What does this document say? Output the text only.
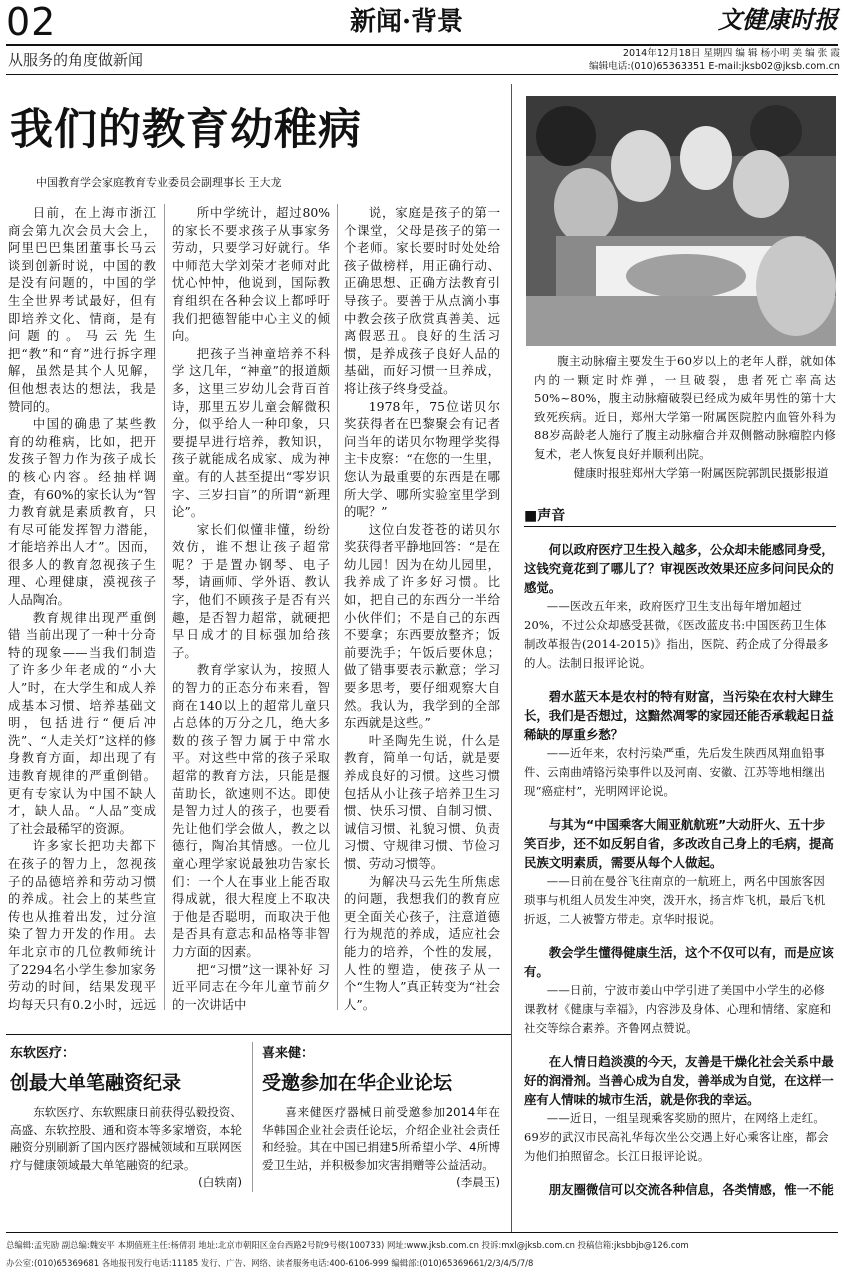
02	新闻·背景	文健康时报
从服务的角度做新闻	2014年12月18日 星期四 编 辑 杨小明 美 编 张 霞
编辑电话:(010)65363351 E-mail:jksb02@jksb.com.cn
我们的教育幼稚病
中国教育学会家庭教育专业委员会副理事长 王大龙

日前，在上海市浙江商会第九次会员大会上，阿里巴巴集团董事长马云谈到创新时说，中国的教是没有问题的，中国的学生全世界考试最好，但有即培养文化、情商，是有问题的。马云先生把“教”和“育”进行拆字理解，虽然是其个人见解，但他想表达的想法，我是赞同的。

中国的确患了某些教育的幼稚病，比如，把开发孩子智力作为孩子成长的核心内容。经抽样调查，有60%的家长认为“智力教育就是素质教育，只有尽可能发挥智力潜能，才能培养出人才”。因而，很多人的教育忽视孩子生理、心理健康，漠视孩子人品陶冶。

教育规律出现严重倒错 当前出现了一种十分奇特的现象——当我们制造了许多少年老成的“小大人”时，在大学生和成人养成基本习惯、培养基础文明，包括进行“便后冲洗”、“人走关灯”这样的修身教育方面，却出现了有违教育规律的严重倒错。更有专家认为中国不缺人才，缺人品。“人品”变成了社会最稀罕的资源。

许多家长把功夫都下在孩子的智力上，忽视孩子的品德培养和劳动习惯的养成。社会上的某些宣传也从推着出发，过分渲染了智力开发的作用。去年北京市的几位教师统计了2294名小学生参加家务劳动的时间，结果发现平均每天只有0.2小时，远远

所中学统计，超过80%的家长不要求孩子从事家务劳动，只要学习好就行。华中师范大学刘荣才老师对此忧心忡忡，他说到，国际教育组织在各种会议上都呼吁我们把德智能中心主义的倾向。

把孩子当神童培养不科学 这几年，“神童”的报道颇多，这里三岁幼儿会背百首诗，那里五岁儿童会解微积分，似乎给人一种印象，只要提早进行培养，教知识，孩子就能成名成家、成为神童。有的人甚至提出“零岁识字、三岁扫盲”的所谓“新理论”。

家长们似懂非懂，纷纷效仿，谁不想让孩子超常呢？于是置办钢琴、电子琴，请画师、学外语、教认字，他们不顾孩子是否有兴趣，是否智力超常，就硬把早日成才的目标强加给孩子。

教育学家认为，按照人的智力的正态分布来看，智商在140以上的超常儿童只占总体的万分之几，绝大多数的孩子智力属于中常水平。对这些中常的孩子采取超常的教育方法，只能是揠苗助长，欲速则不达。即使是智力过人的孩子，也要看先让他们学会做人，教之以德行，陶冶其情感。一位儿童心理学家说最独功告家长们：一个人在事业上能否取得成就，很大程度上不取决于他是否聪明，而取决于他是否具有意志和品格等非智力方面的因素。

把“习惯”这一课补好 习近平同志在今年儿童节前夕的一次讲话中

说，家庭是孩子的第一个课堂，父母是孩子的第一个老师。家长要时时处处给孩子做榜样，用正确行动、正确思想、正确方法教育引导孩子。要善于从点滴小事中教会孩子欣赏真善美、远离假恶丑。良好的生活习惯，是养成孩子良好人品的基础，而好习惯一旦养成，将让孩子终身受益。

1978年，75位诺贝尔奖获得者在巴黎聚会有记者问当年的诺贝尔物理学奖得主卡皮察：“在您的一生里，您认为最重要的东西是在哪所大学、哪所实验室里学到的呢？”

这位白发苍苍的诺贝尔奖获得者平静地回答：“是在幼儿园！因为在幼儿园里，我养成了许多好习惯。比如，把自己的东西分一半给小伙伴们；不是自己的东西不要拿；东西要放整齐；饭前要洗手；午饭后要休息；做了错事要表示歉意；学习要多思考，要仔细观察大自然。我认为，我学到的全部东西就是这些。”

叶圣陶先生说，什么是教育，简单一句话，就是要养成良好的习惯。这些习惯包括从小让孩子培养卫生习惯、快乐习惯、自制习惯、诚信习惯、礼貌习惯、负责习惯、守规律习惯、节俭习惯、劳动习惯等。

为解决马云先生所焦虑的问题，我想我们的教育应更全面关心孩子，注意道德行为规范的养成，适应社会能力的培养，个性的发展，人性的塑造，使孩子从一个“生物人”真正转变为“社会人”。

腹主动脉瘤主要发生于60岁以上的老年人群，就如体内的一颗定时炸弹，一旦破裂，患者死亡率高达50%~80%，腹主动脉瘤破裂已经成为威年男性的第十大致死疾病。近日，郑州大学第一附属医院腔内血管外科为88岁高龄老人施行了腹主动脉瘤合并双侧髂动脉瘤腔内修复术，老人恢复良好并顺利出院。

健康时报驻郑州大学第一附属医院郭凯民摄影报道

■声音

何以政府医疗卫生投入越多，公众却未能感同身受，这钱究竟花到了哪儿了？审视医改效果还应多问问民众的感觉。

——医改五年来，政府医疗卫生支出每年增加超过20%，不过公众却感受甚微，《医改蓝皮书:中国医药卫生体制改革报告(2014-2015)》指出，医院、药企成了分得最多的人。法制日报评论说。

碧水蓝天本是农村的特有财富，当污染在农村大肆生长，我们是否想过，这黯然凋零的家园还能否承载起日益稀缺的厚重乡愁？

——近年来，农村污染严重，先后发生陕西凤翔血铅事件、云南曲靖铬污染事件以及河南、安徽、江苏等地相继出现“癌症村”，光明网评论说。

与其为“中国乘客大闹亚航航班”大动肝火、五十步笑百步，还不如反躬自省，多改改自己身上的毛病，提高民族文明素质，需要从每个人做起。

——日前在曼谷飞往南京的一航班上，两名中国旅客因琐事与机组人员发生冲突，泼开水，扬言炸飞机，最后飞机折返，二人被警方带走。京华时报说。

教会学生懂得健康生活，这个不仅可以有，而是应该有。

——日前，宁波市姜山中学引进了美国中小学生的必修课教材《健康与幸福》，内容涉及身体、心理和情绪、家庭和社交等综合素养。齐鲁网点赞说。

在人情日趋淡漠的今天，友善是干燥化社会关系中最好的润滑剂。当善心成为自发，善举成为自觉，在这样一座有人情味的城市生活，就是你我的幸运。

——近日，一组呈现乘客奖励的照片，在网络上走红。69岁的武汉市民高礼华每次坐公交遇上好心乘客让座，都会为他们拍照留念。长江日报评论说。

朋友圈微信可以交流各种信息，各类情感，惟一不能

东软医疗：
创最大单笔融资纪录
东软医疗、东软熙康日前获得弘毅投资、高盛、东软控股、通和资本等多家增资，本轮融资分别刷新了国内医疗器械领域和互联网医疗与健康领域最大单笔融资的纪录。
(白轶南)
喜来健：
受邀参加在华企业论坛
喜来健医疗器械日前受邀参加2014年在华韩国企业社会责任论坛，介绍企业社会责任和经验。其在中国已捐建5所希望小学、4所博爱卫生站，并积极参加灾害捐赠等公益活动。
(李晨玉)
总编辑:孟宪励 副总编:魏安平 本期值班主任:杨倩羽 地址:北京市朝阳区金台西路2号院9号楼(100733) 网址:www.jksb.com.cn 投诉:mxl@jksb.com.cn 投稿信箱:jksbbjb@126.com
办公室:(010)65369681 各地报刊发行电话:11185 发行、广告、网络、读者服务电话:400-6106-999 编辑部:(010)65369661/2/3/4/5/7/8
